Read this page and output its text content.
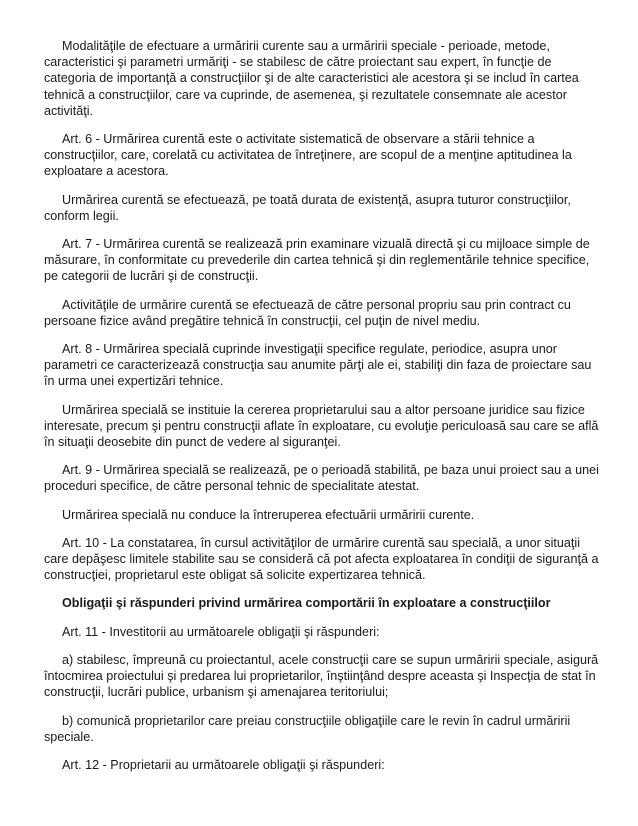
Modalităţile de efectuare a urmăririi curente sau a urmăririi speciale - perioade, metode, caracteristici şi parametri urmăriţi - se stabilesc de către proiectant sau expert, în funcţie de categoria de importanţă a construcţiilor şi de alte caracteristici ale acestora şi se includ în cartea tehnică a construcţiilor, care va cuprinde, de asemenea, şi rezultatele consemnate ale acestor activităţi.

Art. 6 - Urmărirea curentă este o activitate sistematică de observare a stării tehnice a construcţiilor, care, corelată cu activitatea de întreţinere, are scopul de a menţine aptitudinea la exploatare a acestora.

Urmărirea curentă se efectuează, pe toată durata de existenţă, asupra tuturor construcţiilor, conform legii.

Art. 7 - Urmărirea curentă se realizează prin examinare vizuală directă şi cu mijloace simple de măsurare, în conformitate cu prevederile din cartea tehnică şi din reglementările tehnice specifice, pe categorii de lucrări şi de construcţii.

Activităţile de urmărire curentă se efectuează de către personal propriu sau prin contract cu persoane fizice având pregătire tehnică în construcţii, cel puţin de nivel mediu.

Art. 8 - Urmărirea specială cuprinde investigaţii specifice regulate, periodice, asupra unor parametri ce caracterizează construcţia sau anumite părţi ale ei, stabiliţi din faza de proiectare sau în urma unei expertizări tehnice.

Urmărirea specială se instituie la cererea proprietarului sau a altor persoane juridice sau fizice interesate, precum şi pentru construcţii aflate în exploatare, cu evoluţie periculoasă sau care se află în situaţii deosebite din punct de vedere al siguranţei.

Art. 9 - Urmărirea specială se realizează, pe o perioadă stabilită, pe baza unui proiect sau a unei proceduri specifice, de către personal tehnic de specialitate atestat.

Urmărirea specială nu conduce la întreruperea efectuării urmăririi curente.

Art. 10 - La constatarea, în cursul activităţilor de urmărire curentă sau specială, a unor situaţii care depăşesc limitele stabilite sau se consideră că pot afecta exploatarea în condiţii de siguranţă a construcţiei, proprietarul este obligat să solicite expertizarea tehnică.

Obligaţii şi răspunderi privind urmărirea comportării în exploatare a construcţiilor

Art. 11 - Investitorii au următoarele obligaţii şi răspunderi:

a) stabilesc, împreună cu proiectantul, acele construcţii care se supun urmăririi speciale, asigură întocmirea proiectului şi predarea lui proprietarilor, înştiinţând despre aceasta şi Inspecţia de stat în construcţii, lucrări publice, urbanism şi amenajarea teritoriului;

b) comunică proprietarilor care preiau construcţiile obligaţiile care le revin în cadrul urmăririi speciale.

Art. 12 - Proprietarii au următoarele obligaţii şi răspunderi:
